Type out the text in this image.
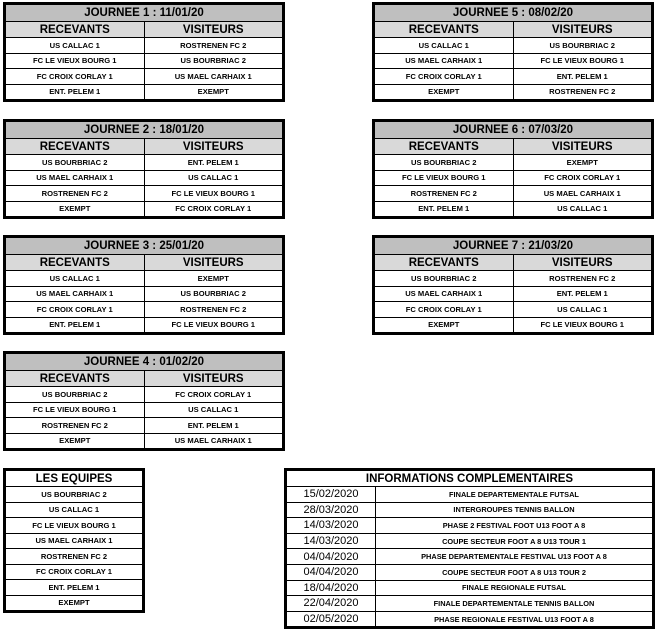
JOURNEE 1 : 11/01/20	
RECEVANTS	VISITEURS
US CALLAC 1	ROSTRENEN FC 2
FC LE VIEUX BOURG 1	US BOURBRIAC 2
FC CROIX CORLAY 1	US MAEL CARHAIX 1
ENT. PELEM 1	EXEMPT
JOURNEE 2 : 18/01/20	
RECEVANTS	VISITEURS
US BOURBRIAC 2	ENT. PELEM 1
US MAEL CARHAIX 1	US CALLAC 1
ROSTRENEN FC 2	FC LE VIEUX BOURG 1
EXEMPT	FC CROIX CORLAY 1
JOURNEE 3 : 25/01/20	
RECEVANTS	VISITEURS
US CALLAC 1	EXEMPT
US MAEL CARHAIX 1	US BOURBRIAC 2
FC CROIX CORLAY 1	ROSTRENEN FC 2
ENT. PELEM 1	FC LE VIEUX BOURG 1
JOURNEE 4 : 01/02/20	
RECEVANTS	VISITEURS
US BOURBRIAC 2	FC CROIX CORLAY 1
FC LE VIEUX BOURG 1	US CALLAC 1
ROSTRENEN FC 2	ENT. PELEM 1
EXEMPT	US MAEL CARHAIX 1
JOURNEE 5 : 08/02/20	
RECEVANTS	VISITEURS
US CALLAC 1	US BOURBRIAC 2
US MAEL CARHAIX 1	FC LE VIEUX BOURG 1
FC CROIX CORLAY 1	ENT. PELEM 1
EXEMPT	ROSTRENEN FC 2
JOURNEE 6 : 07/03/20	
RECEVANTS	VISITEURS
US BOURBRIAC 2	EXEMPT
FC LE VIEUX BOURG 1	FC CROIX CORLAY 1
ROSTRENEN FC 2	US MAEL CARHAIX 1
ENT. PELEM 1	US CALLAC 1
JOURNEE 7 : 21/03/20	
RECEVANTS	VISITEURS
US BOURBRIAC 2	ROSTRENEN FC 2
US MAEL CARHAIX 1	ENT. PELEM 1
FC CROIX CORLAY 1	US CALLAC 1
EXEMPT	FC LE VIEUX BOURG 1
LES EQUIPES
US BOURBRIAC 2
US CALLAC 1
FC LE VIEUX BOURG 1
US MAEL CARHAIX 1
ROSTRENEN FC 2
FC CROIX CORLAY 1
ENT. PELEM 1
EXEMPT
INFORMATIONS COMPLEMENTAIRES	
15/02/2020	FINALE DEPARTEMENTALE FUTSAL
28/03/2020	INTERGROUPES TENNIS BALLON
14/03/2020	PHASE 2 FESTIVAL FOOT U13 FOOT A 8
14/03/2020	COUPE SECTEUR FOOT A 8 U13 TOUR 1
04/04/2020	PHASE DEPARTEMENTALE FESTIVAL U13 FOOT A 8
04/04/2020	COUPE SECTEUR FOOT A 8 U13 TOUR 2
18/04/2020	FINALE REGIONALE FUTSAL
22/04/2020	FINALE DEPARTEMENTALE TENNIS BALLON
02/05/2020	PHASE REGIONALE FESTIVAL U13 FOOT A 8
